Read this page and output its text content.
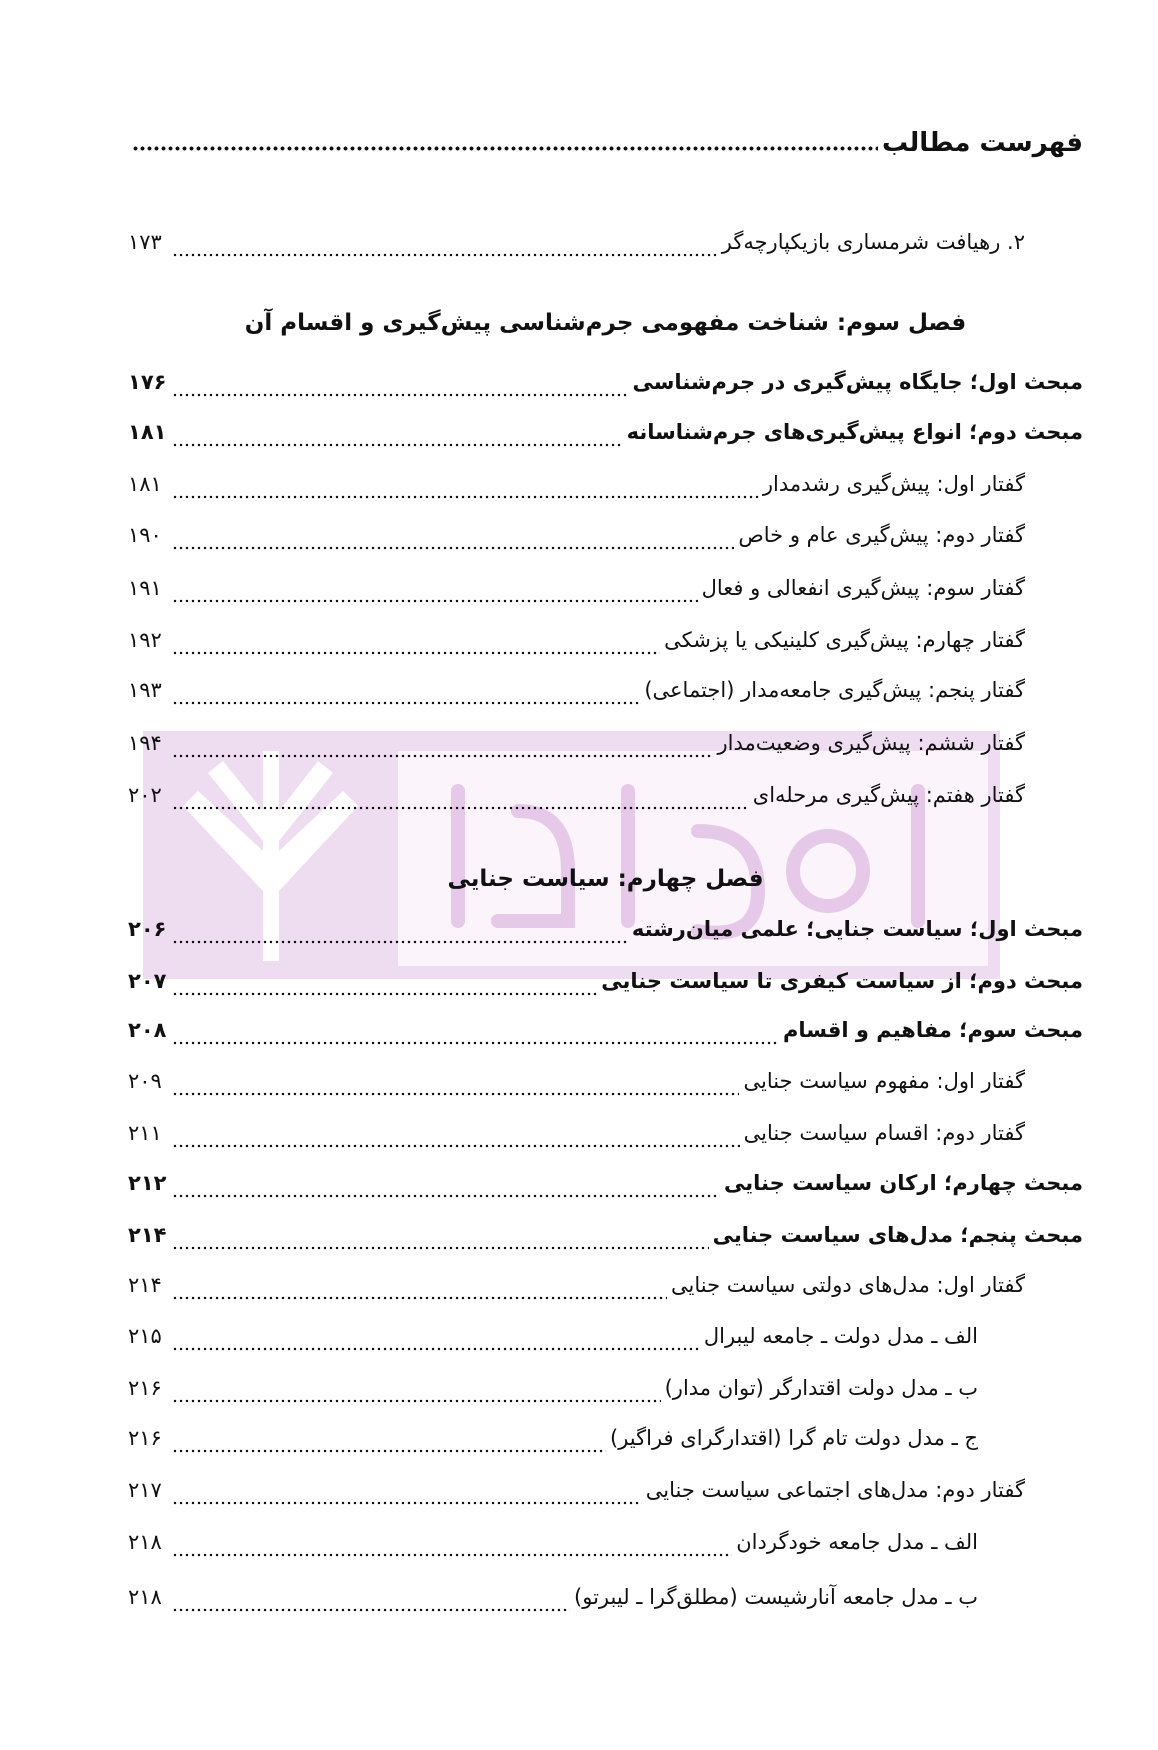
فهرست مطالب
۲. رهیافت شرمساری بازیکپارچه‌گر
۱۷۳
فصل سوم: شناخت مفهومی جرم‌شناسی پیش‌گیری و اقسام آن
مبحث اول؛ جایگاه پیش‌گیری در جرم‌شناسی
۱۷۶
مبحث دوم؛ انواع پیش‌گیری‌های جرم‌شناسانه
۱۸۱
گفتار اول: پیش‌گیری رشدمدار
۱۸۱
گفتار دوم: پیش‌گیری عام و خاص
۱۹۰
گفتار سوم: پیش‌گیری انفعالی و فعال
۱۹۱
گفتار چهارم: پیش‌گیری کلینیکی یا پزشکی
۱۹۲
گفتار پنجم: پیش‌گیری جامعه‌مدار (اجتماعی)
۱۹۳
گفتار ششم: پیش‌گیری وضعیت‌مدار
۱۹۴
گفتار هفتم: پیش‌گیری مرحله‌ای
۲۰۲
فصل چهارم: سیاست جنایی
مبحث اول؛ سیاست جنایی؛ علمی میان‌رشته
۲۰۶
مبحث دوم؛ از سیاست کیفری تا سیاست جنایی
۲۰۷
مبحث سوم؛ مفاهیم و اقسام
۲۰۸
گفتار اول: مفهوم سیاست جنایی
۲۰۹
گفتار دوم: اقسام سیاست جنایی
۲۱۱
مبحث چهارم؛ ارکان سیاست جنایی
۲۱۲
مبحث پنجم؛ مدل‌های سیاست جنایی
۲۱۴
گفتار اول: مدل‌های دولتی سیاست جنایی
۲۱۴
الف ـ مدل دولت ـ جامعه لیبرال
۲۱۵
ب ـ مدل دولت اقتدارگر (توان مدار)
۲۱۶
ج ـ مدل دولت تام گرا (اقتدارگرای فراگیر)
۲۱۶
گفتار دوم: مدل‌های اجتماعی سیاست جنایی
۲۱۷
الف ـ مدل جامعه خودگردان
۲۱۸
ب ـ مدل جامعه آنارشیست (مطلق‌گرا ـ لیبرتو)
۲۱۸
